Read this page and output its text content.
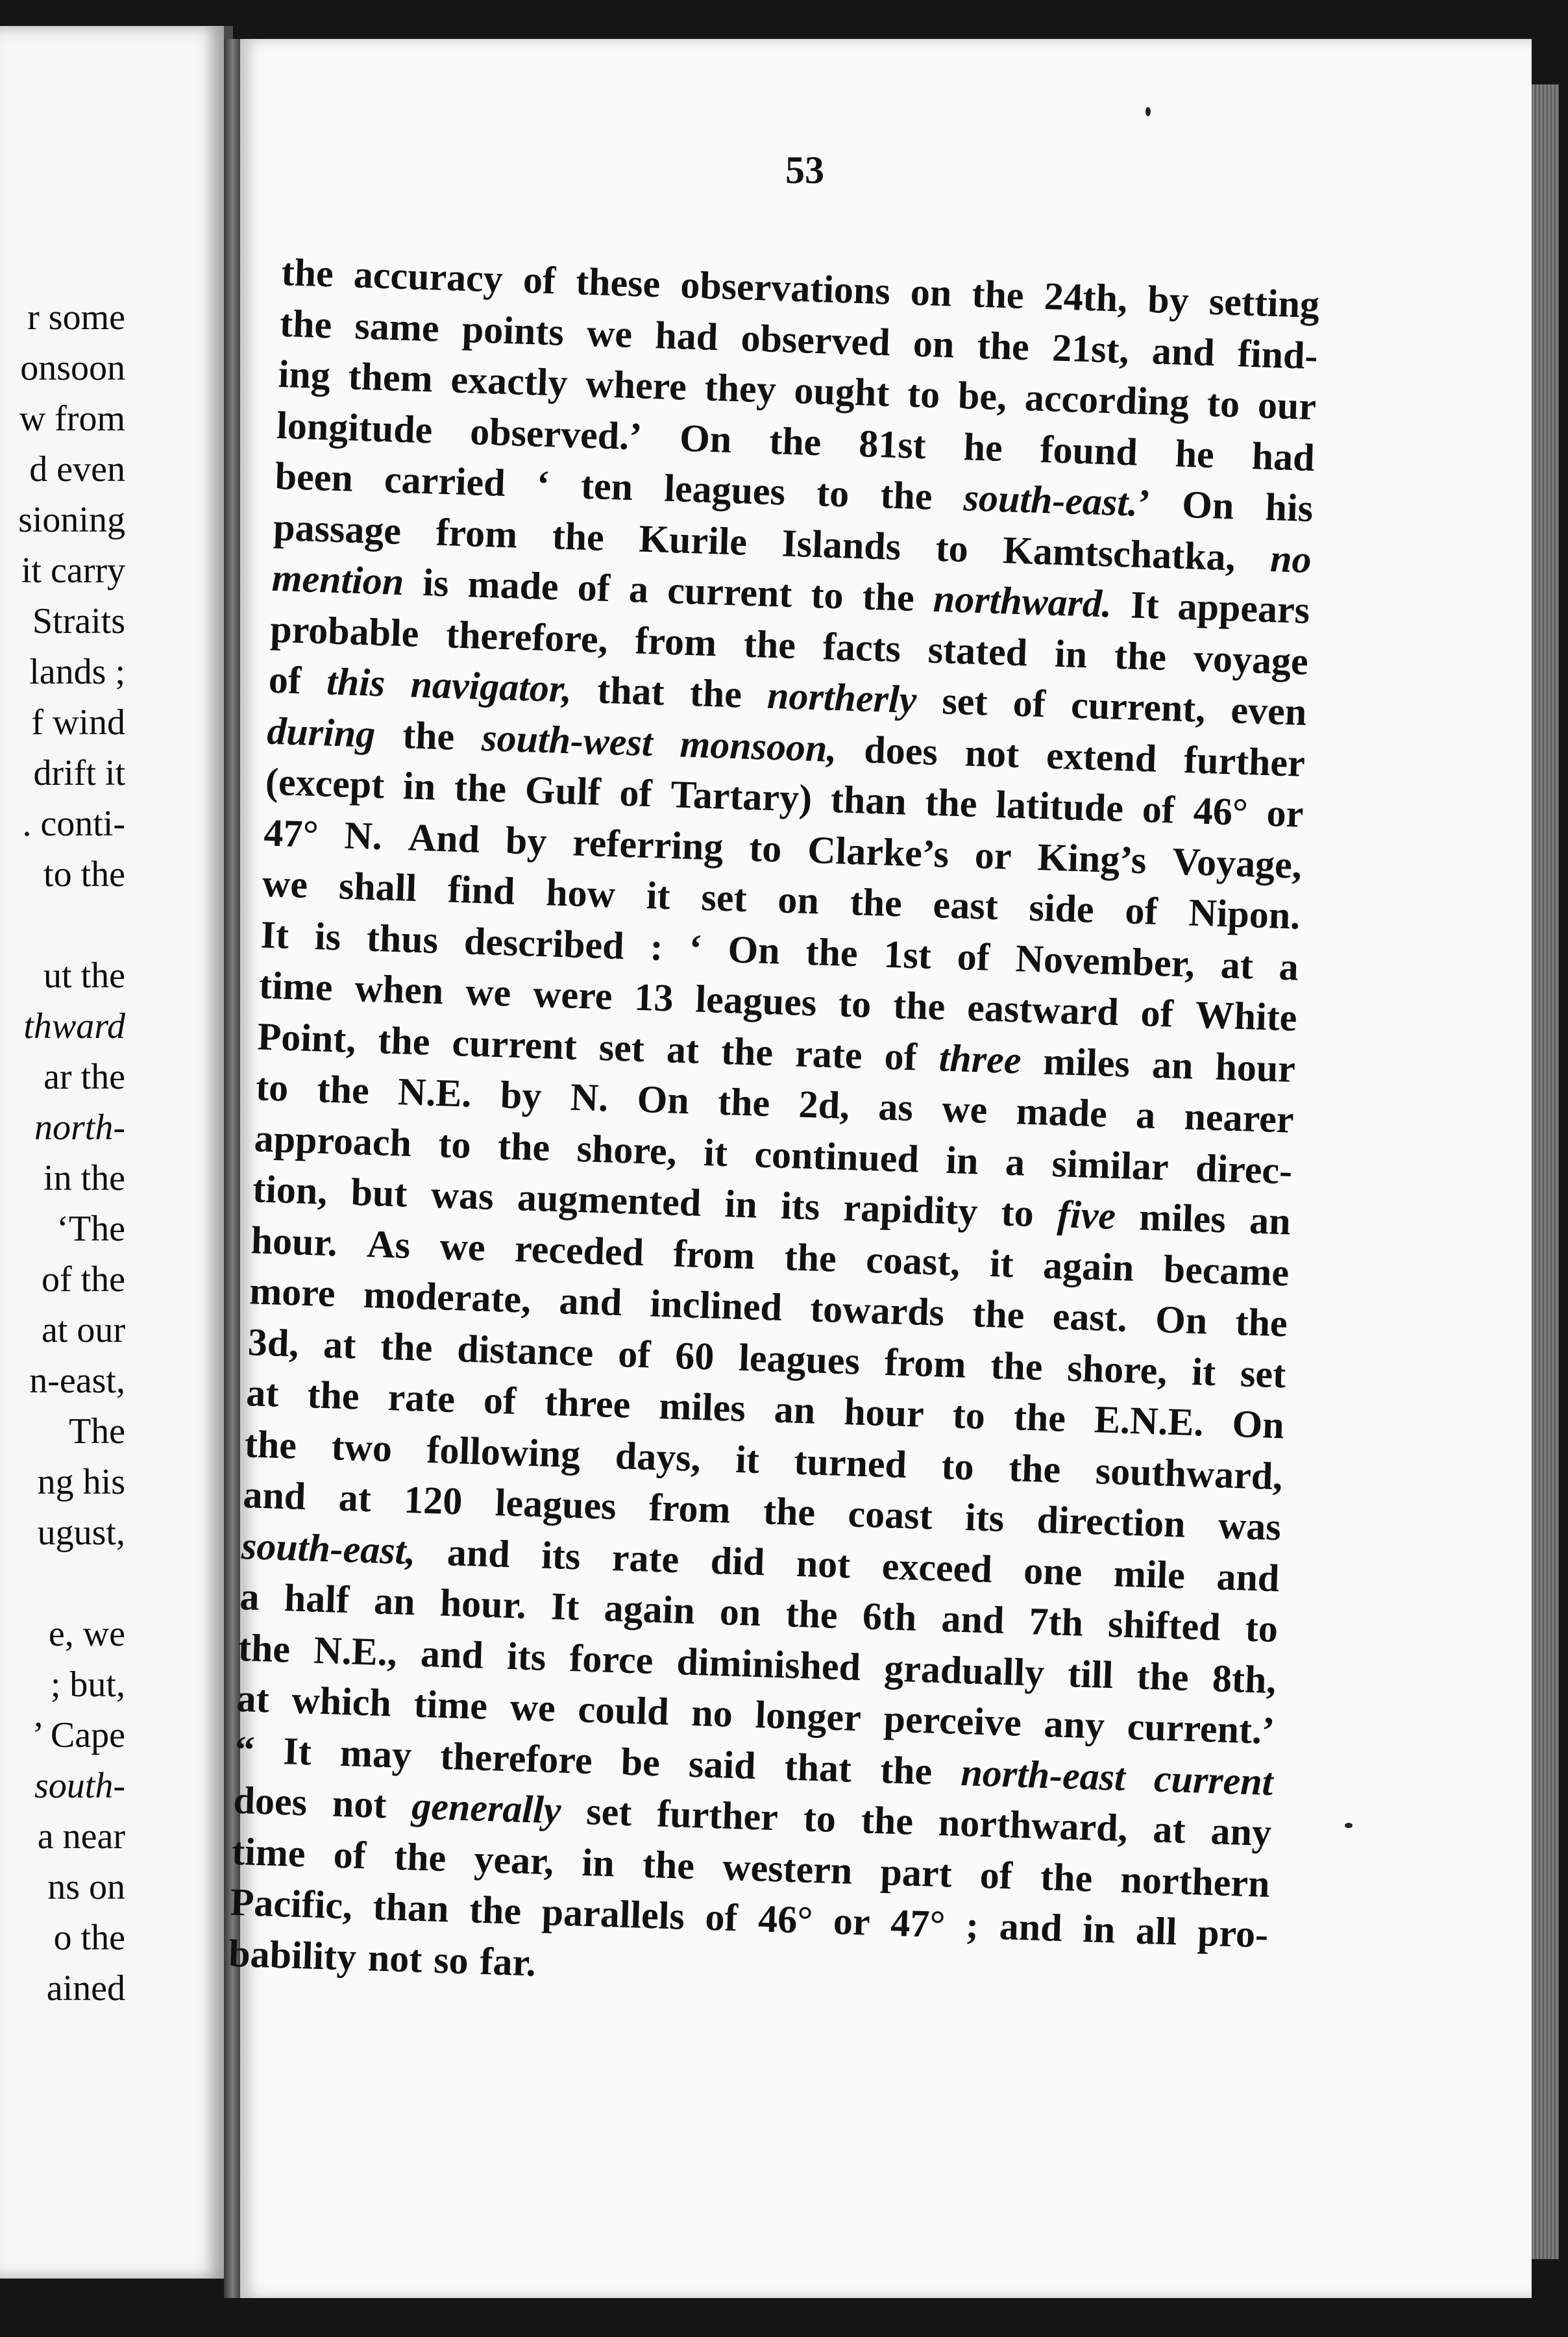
r some
onsoon
w from
d even
sioning
it carry
Straits
lands ;
f wind
drift it
. conti-
to the
ut the
thward
ar the
north-
in the
‘The
of the
at our
n-east,
The
ng his
ugust,
e, we
; but,
’ Cape
south-
a near
ns on
o the
ained
53
the accuracy of these observations on the 24th, by setting
the same points we had observed on the 21st, and find-
ing them exactly where they ought to be, according to our
longitude observed.’ On the 81st he found he had
been carried ‘ ten leagues to the south-east.’ On his
passage from the Kurile Islands to Kamtschatka, no
mention is made of a current to the northward. It appears
probable therefore, from the facts stated in the voyage
of this navigator, that the northerly set of current, even
during the south-west monsoon, does not extend further
(except in the Gulf of Tartary) than the latitude of 46° or
47° N. And by referring to Clarke’s or King’s Voyage,
we shall find how it set on the east side of Nipon.
It is thus described : ‘ On the 1st of November, at a
time when we were 13 leagues to the eastward of White
Point, the current set at the rate of three miles an hour
to the N.E. by N. On the 2d, as we made a nearer
approach to the shore, it continued in a similar direc-
tion, but was augmented in its rapidity to five miles an
hour. As we receded from the coast, it again became
more moderate, and inclined towards the east. On the
3d, at the distance of 60 leagues from the shore, it set
at the rate of three miles an hour to the E.N.E. On
the two following days, it turned to the southward,
and at 120 leagues from the coast its direction was
south-east, and its rate did not exceed one mile and
a half an hour. It again on the 6th and 7th shifted to
the N.E., and its force diminished gradually till the 8th,
at which time we could no longer perceive any current.’
“ It may therefore be said that the north-east current
does not generally set further to the northward, at any
time of the year, in the western part of the northern
Pacific, than the parallels of 46° or 47° ; and in all pro-
bability not so far.
